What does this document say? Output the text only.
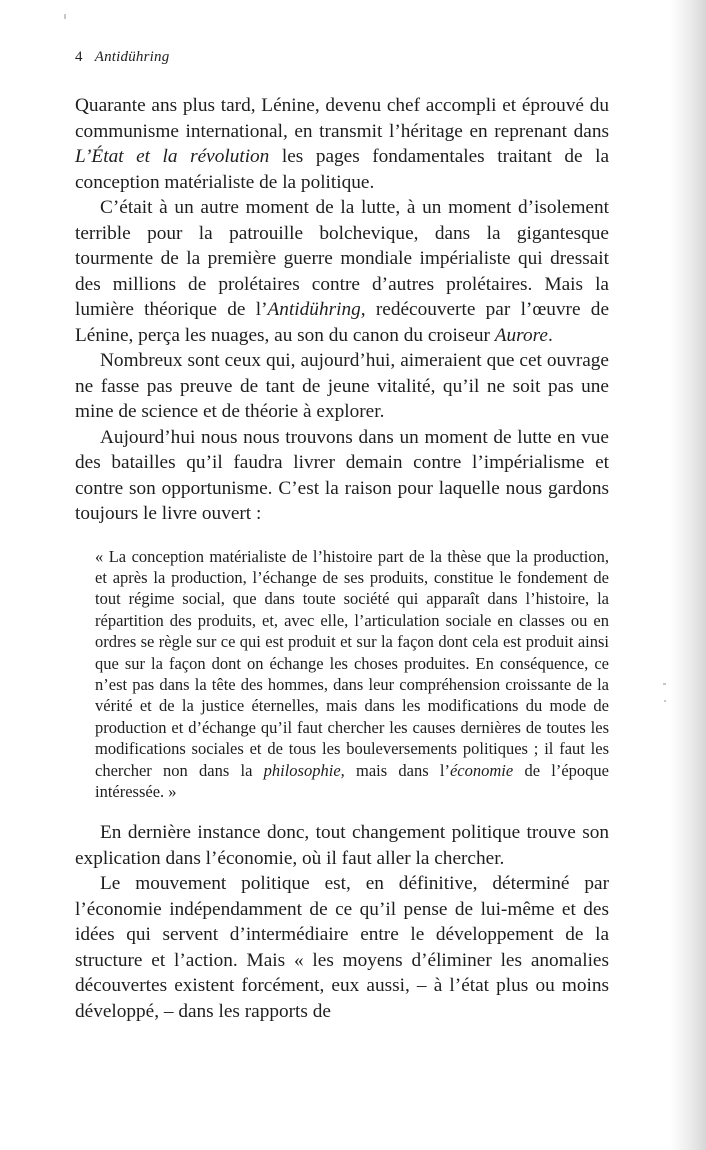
4 Antidühring

Quarante ans plus tard, Lénine, devenu chef accompli et éprouvé du communisme international, en transmit l’héritage en reprenant dans L’État et la révolution les pages fondamentales traitant de la conception matérialiste de la politique.

C’était à un autre moment de la lutte, à un moment d’isolement terrible pour la patrouille bolchevique, dans la gigantesque tourmente de la première guerre mondiale impérialiste qui dressait des millions de prolétaires contre d’autres prolétaires. Mais la lumière théorique de l’Antidühring, redécouverte par l’œuvre de Lénine, perça les nuages, au son du canon du croiseur Aurore.

Nombreux sont ceux qui, aujourd’hui, aimeraient que cet ouvrage ne fasse pas preuve de tant de jeune vitalité, qu’il ne soit pas une mine de science et de théorie à explorer.

Aujourd’hui nous nous trouvons dans un moment de lutte en vue des batailles qu’il faudra livrer demain contre l’impérialisme et contre son opportunisme. C’est la raison pour laquelle nous gardons toujours le livre ouvert :

« La conception matérialiste de l’histoire part de la thèse que la production, et après la production, l’échange de ses produits, constitue le fondement de tout régime social, que dans toute société qui apparaît dans l’histoire, la répartition des produits, et, avec elle, l’articulation sociale en classes ou en ordres se règle sur ce qui est produit et sur la façon dont cela est produit ainsi que sur la façon dont on échange les choses produites. En conséquence, ce n’est pas dans la tête des hommes, dans leur compréhension croissante de la vérité et de la justice éternelles, mais dans les modifications du mode de production et d’échange qu’il faut chercher les causes dernières de toutes les modifications sociales et de tous les bouleversements politiques ; il faut les chercher non dans la philosophie, mais dans l’économie de l’époque intéressée. »

En dernière instance donc, tout changement politique trouve son explication dans l’économie, où il faut aller la chercher.

Le mouvement politique est, en définitive, déterminé par l’économie indépendamment de ce qu’il pense de lui-même et des idées qui servent d’intermédiaire entre le développement de la structure et l’action. Mais « les moyens d’éliminer les anomalies découvertes existent forcément, eux aussi, – à l’état plus ou moins développé, – dans les rapports de
